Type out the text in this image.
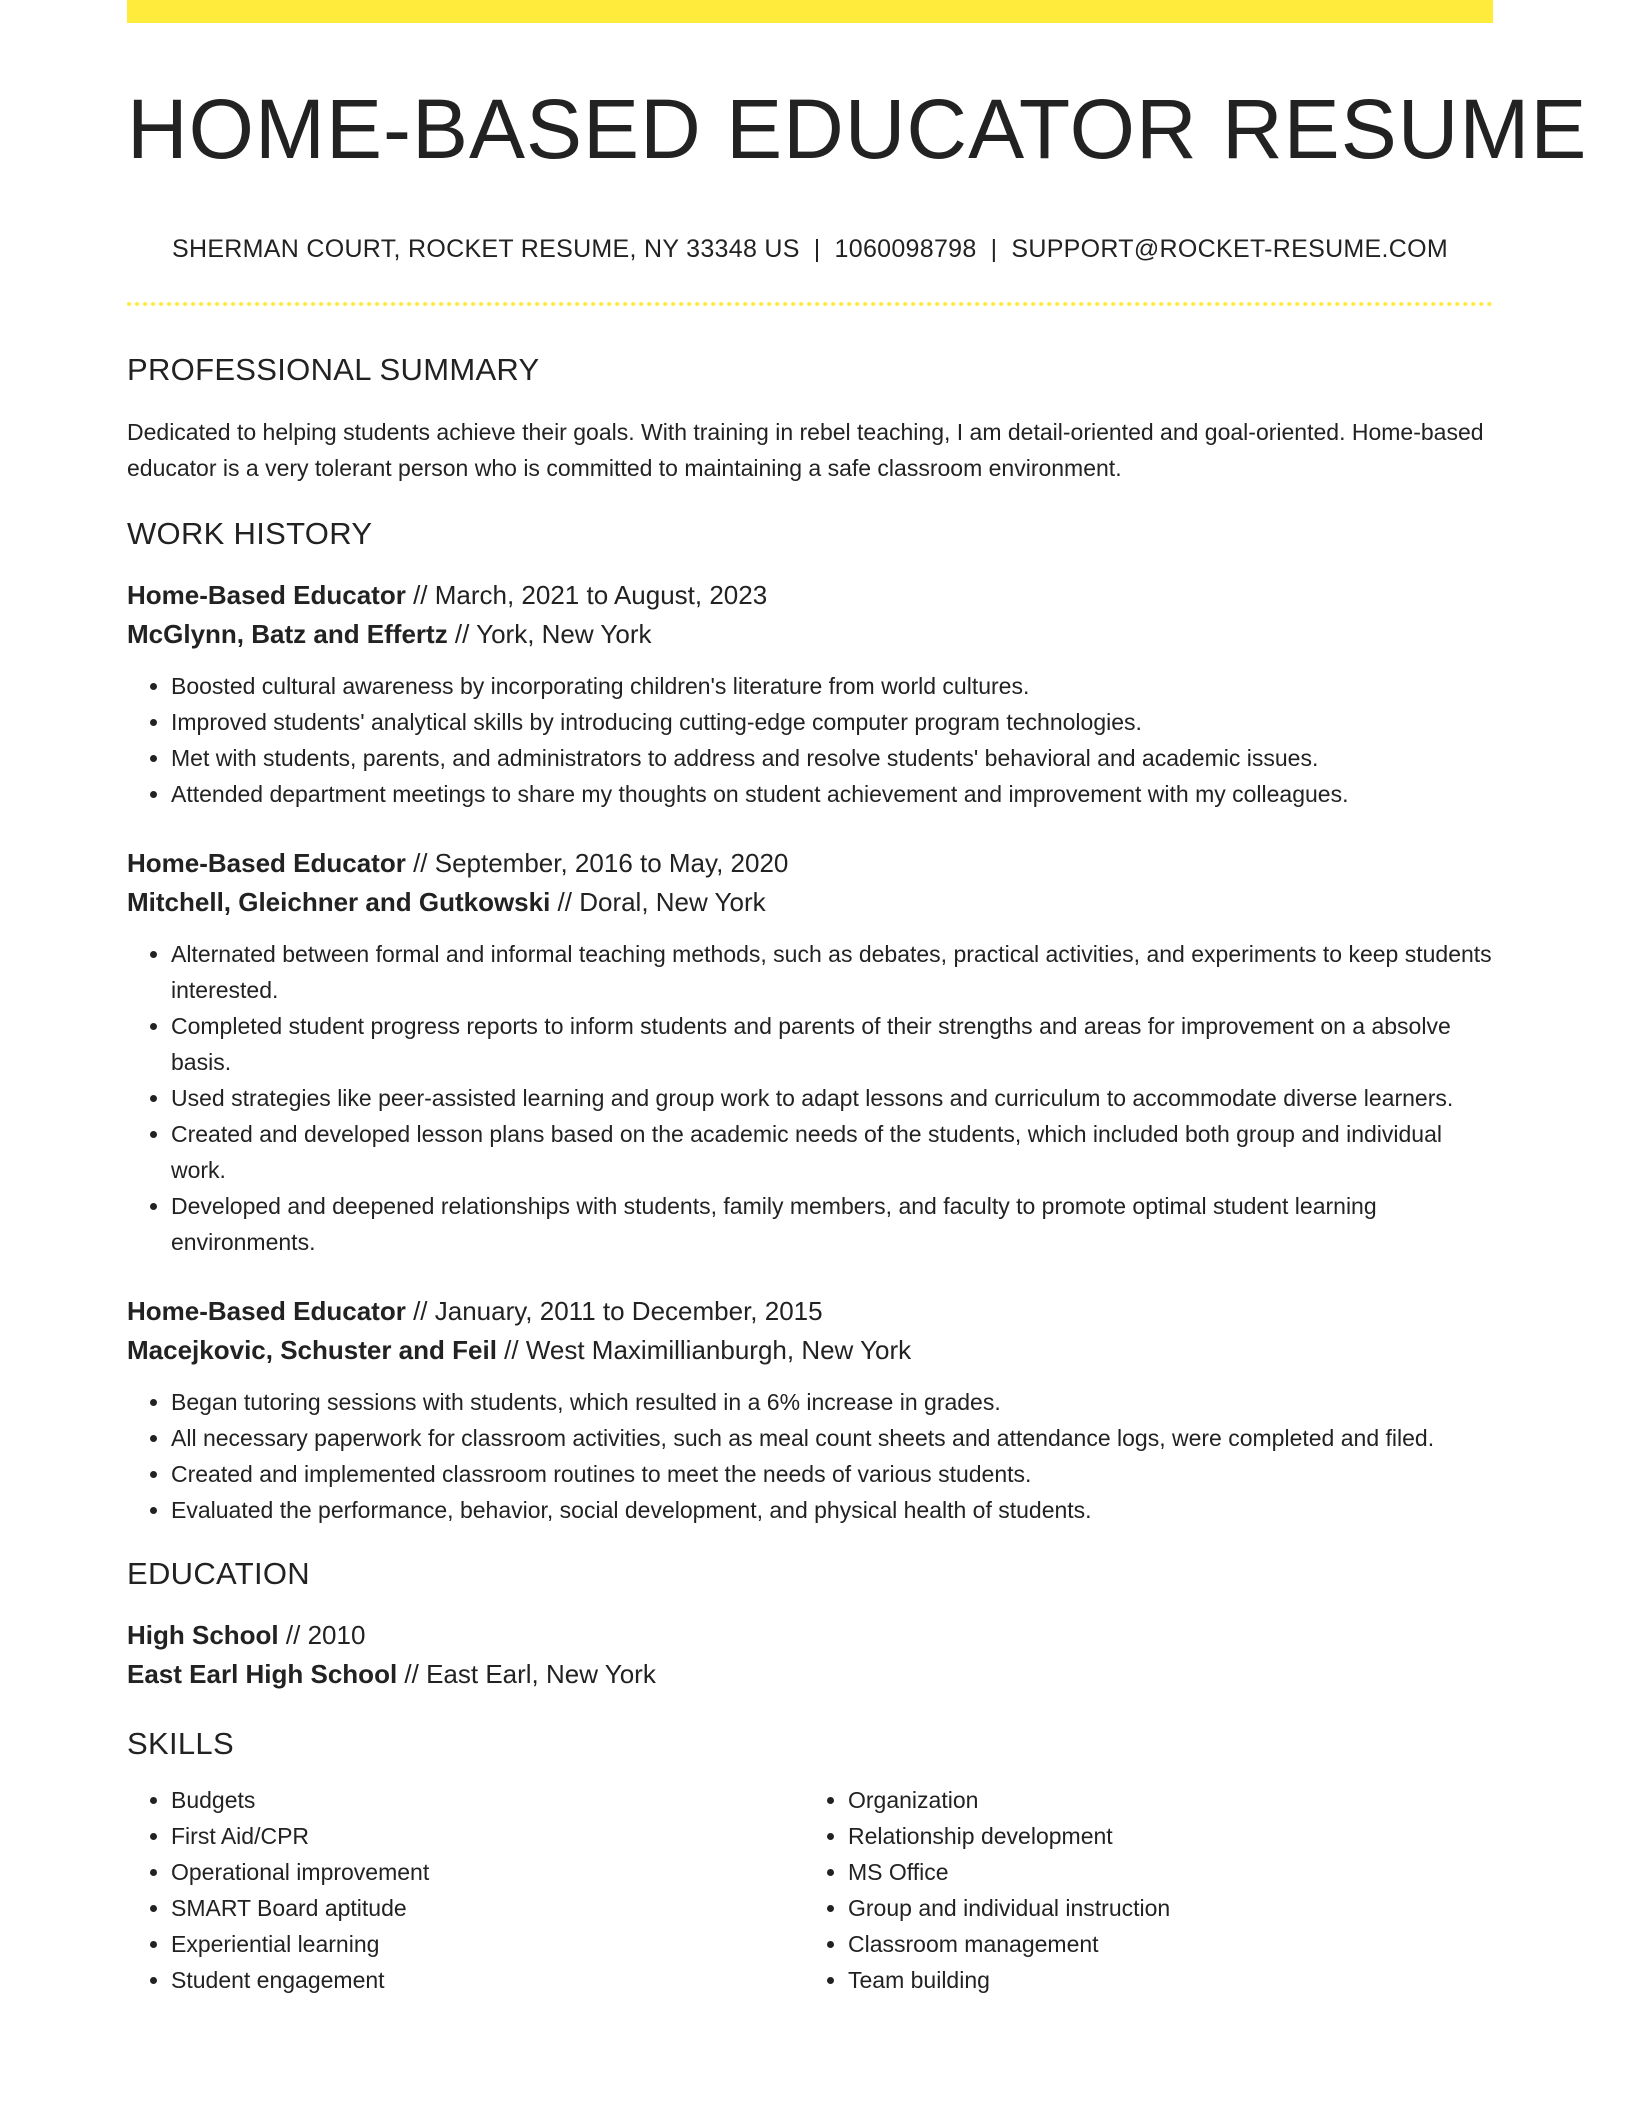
HOME-BASED EDUCATOR RESUME
SHERMAN COURT, ROCKET RESUME, NY 33348 US | 1060098798 | SUPPORT@ROCKET-RESUME.COM
PROFESSIONAL SUMMARY
Dedicated to helping students achieve their goals. With training in rebel teaching, I am detail-oriented and goal-oriented. Home-based educator is a very tolerant person who is committed to maintaining a safe classroom environment.
WORK HISTORY
Home-Based Educator // March, 2021 to August, 2023
McGlynn, Batz and Effertz // York, New York
• Boosted cultural awareness by incorporating children's literature from world cultures.
• Improved students' analytical skills by introducing cutting-edge computer program technologies.
• Met with students, parents, and administrators to address and resolve students' behavioral and academic issues.
• Attended department meetings to share my thoughts on student achievement and improvement with my colleagues.
Home-Based Educator // September, 2016 to May, 2020
Mitchell, Gleichner and Gutkowski // Doral, New York
• Alternated between formal and informal teaching methods, such as debates, practical activities, and experiments to keep students interested.
• Completed student progress reports to inform students and parents of their strengths and areas for improvement on a absolve basis.
• Used strategies like peer-assisted learning and group work to adapt lessons and curriculum to accommodate diverse learners.
• Created and developed lesson plans based on the academic needs of the students, which included both group and individual work.
• Developed and deepened relationships with students, family members, and faculty to promote optimal student learning environments.
Home-Based Educator // January, 2011 to December, 2015
Macejkovic, Schuster and Feil // West Maximillianburgh, New York
• Began tutoring sessions with students, which resulted in a 6% increase in grades.
• All necessary paperwork for classroom activities, such as meal count sheets and attendance logs, were completed and filed.
• Created and implemented classroom routines to meet the needs of various students.
• Evaluated the performance, behavior, social development, and physical health of students.
EDUCATION
High School // 2010
East Earl High School // East Earl, New York
SKILLS
• Budgets
• First Aid/CPR
• Operational improvement
• SMART Board aptitude
• Experiential learning
• Student engagement
• Organization
• Relationship development
• MS Office
• Group and individual instruction
• Classroom management
• Team building
